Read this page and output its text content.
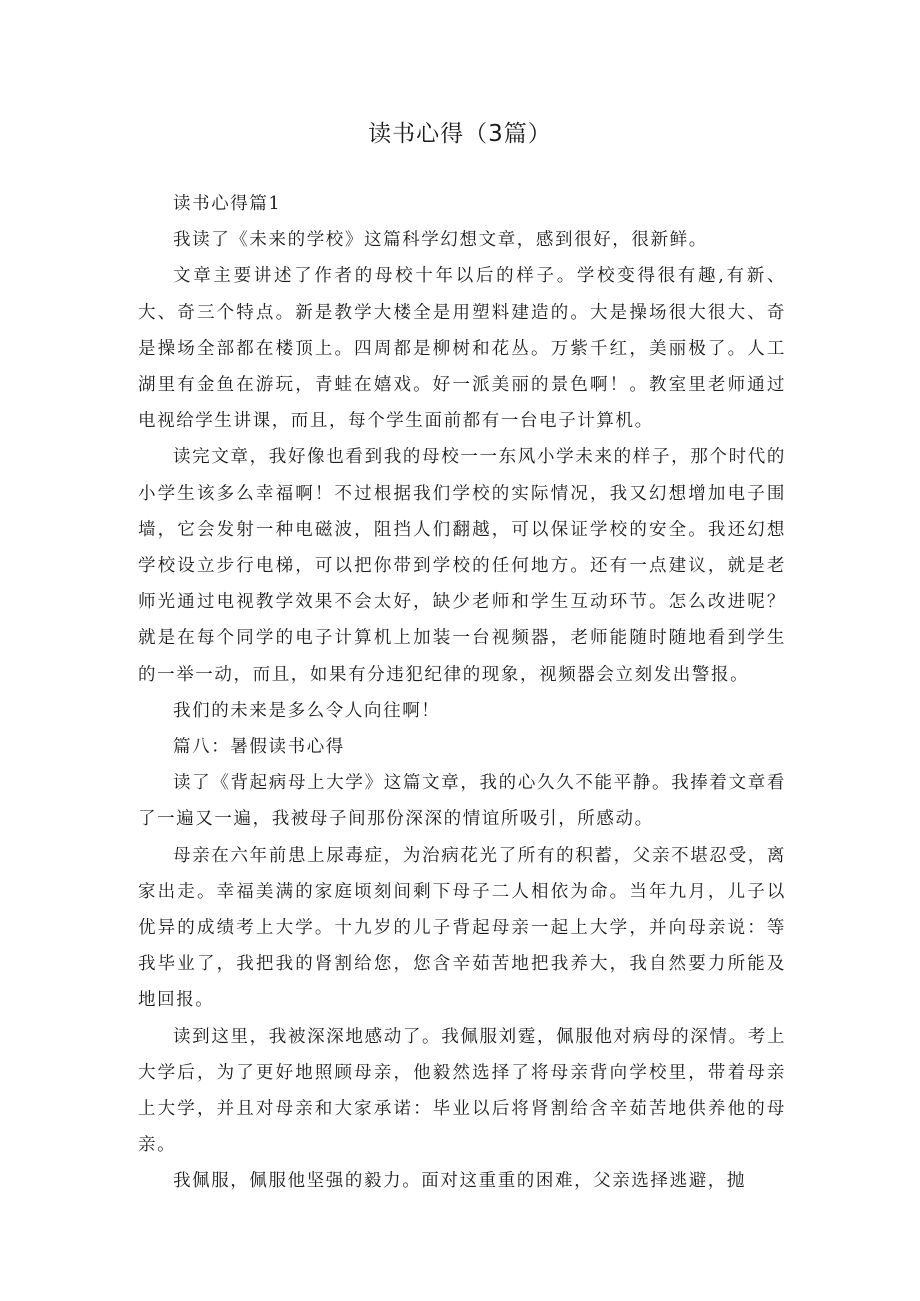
读书心得（3篇）

读书心得篇1

我读了《未来的学校》这篇科学幻想文章，感到很好，很新鲜。

文章主要讲述了作者的母校十年以后的样子。学校变得很有趣,有新、大、奇三个特点。新是教学大楼全是用塑料建造的。大是操场很大很大、奇是操场全部都在楼顶上。四周都是柳树和花丛。万紫千红，美丽极了。人工湖里有金鱼在游玩，青蛙在嬉戏。好一派美丽的景色啊！。教室里老师通过电视给学生讲课，而且，每个学生面前都有一台电子计算机。

读完文章，我好像也看到我的母校一一东风小学未来的样子，那个时代的小学生该多么幸福啊！不过根据我们学校的实际情况，我又幻想增加电子围墙，它会发射一种电磁波，阻挡人们翻越，可以保证学校的安全。我还幻想学校设立步行电梯，可以把你带到学校的任何地方。还有一点建议，就是老师光通过电视教学效果不会太好，缺少老师和学生互动环节。怎么改进呢？就是在每个同学的电子计算机上加装一台视频器，老师能随时随地看到学生的一举一动，而且，如果有分违犯纪律的现象，视频器会立刻发出警报。

我们的未来是多么令人向往啊！

篇八：暑假读书心得

读了《背起病母上大学》这篇文章，我的心久久不能平静。我捧着文章看了一遍又一遍，我被母子间那份深深的情谊所吸引，所感动。

母亲在六年前患上尿毒症，为治病花光了所有的积蓄，父亲不堪忍受，离家出走。幸福美满的家庭顷刻间剩下母子二人相依为命。当年九月，儿子以优异的成绩考上大学。十九岁的儿子背起母亲一起上大学，并向母亲说：等我毕业了，我把我的肾割给您，您含辛茹苦地把我养大，我自然要力所能及地回报。

读到这里，我被深深地感动了。我佩服刘霆，佩服他对病母的深情。考上大学后，为了更好地照顾母亲，他毅然选择了将母亲背向学校里，带着母亲上大学，并且对母亲和大家承诺：毕业以后将肾割给含辛茹苦地供养他的母亲。

我佩服，佩服他坚强的毅力。面对这重重的困难，父亲选择逃避，抛
